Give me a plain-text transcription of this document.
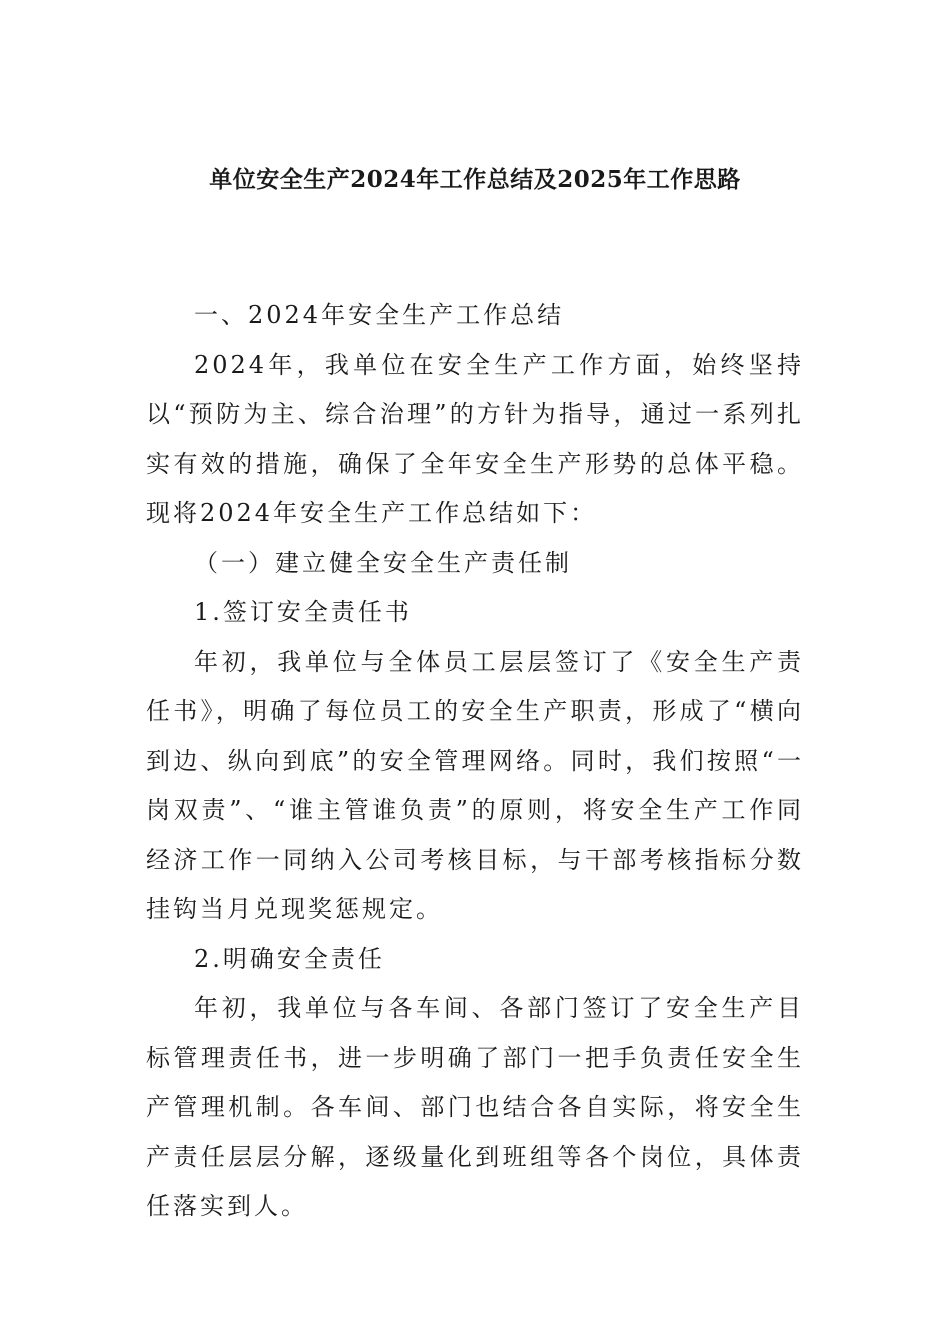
单位安全生产2024年工作总结及2025年工作思路

一、2024年安全生产工作总结

2024年，我单位在安全生产工作方面，始终坚持以“预防为主、综合治理”的方针为指导，通过一系列扎实有效的措施，确保了全年安全生产形势的总体平稳。现将2024年安全生产工作总结如下：

（一）建立健全安全生产责任制

1.签订安全责任书

年初，我单位与全体员工层层签订了《安全生产责任书》，明确了每位员工的安全生产职责，形成了“横向到边、纵向到底”的安全管理网络。同时，我们按照“一岗双责”、“谁主管谁负责”的原则，将安全生产工作同经济工作一同纳入公司考核目标，与干部考核指标分数挂钩当月兑现奖惩规定。

2.明确安全责任

年初，我单位与各车间、各部门签订了安全生产目标管理责任书，进一步明确了部门一把手负责任安全生产管理机制。各车间、部门也结合各自实际，将安全生产责任层层分解，逐级量化到班组等各个岗位，具体责任落实到人。
